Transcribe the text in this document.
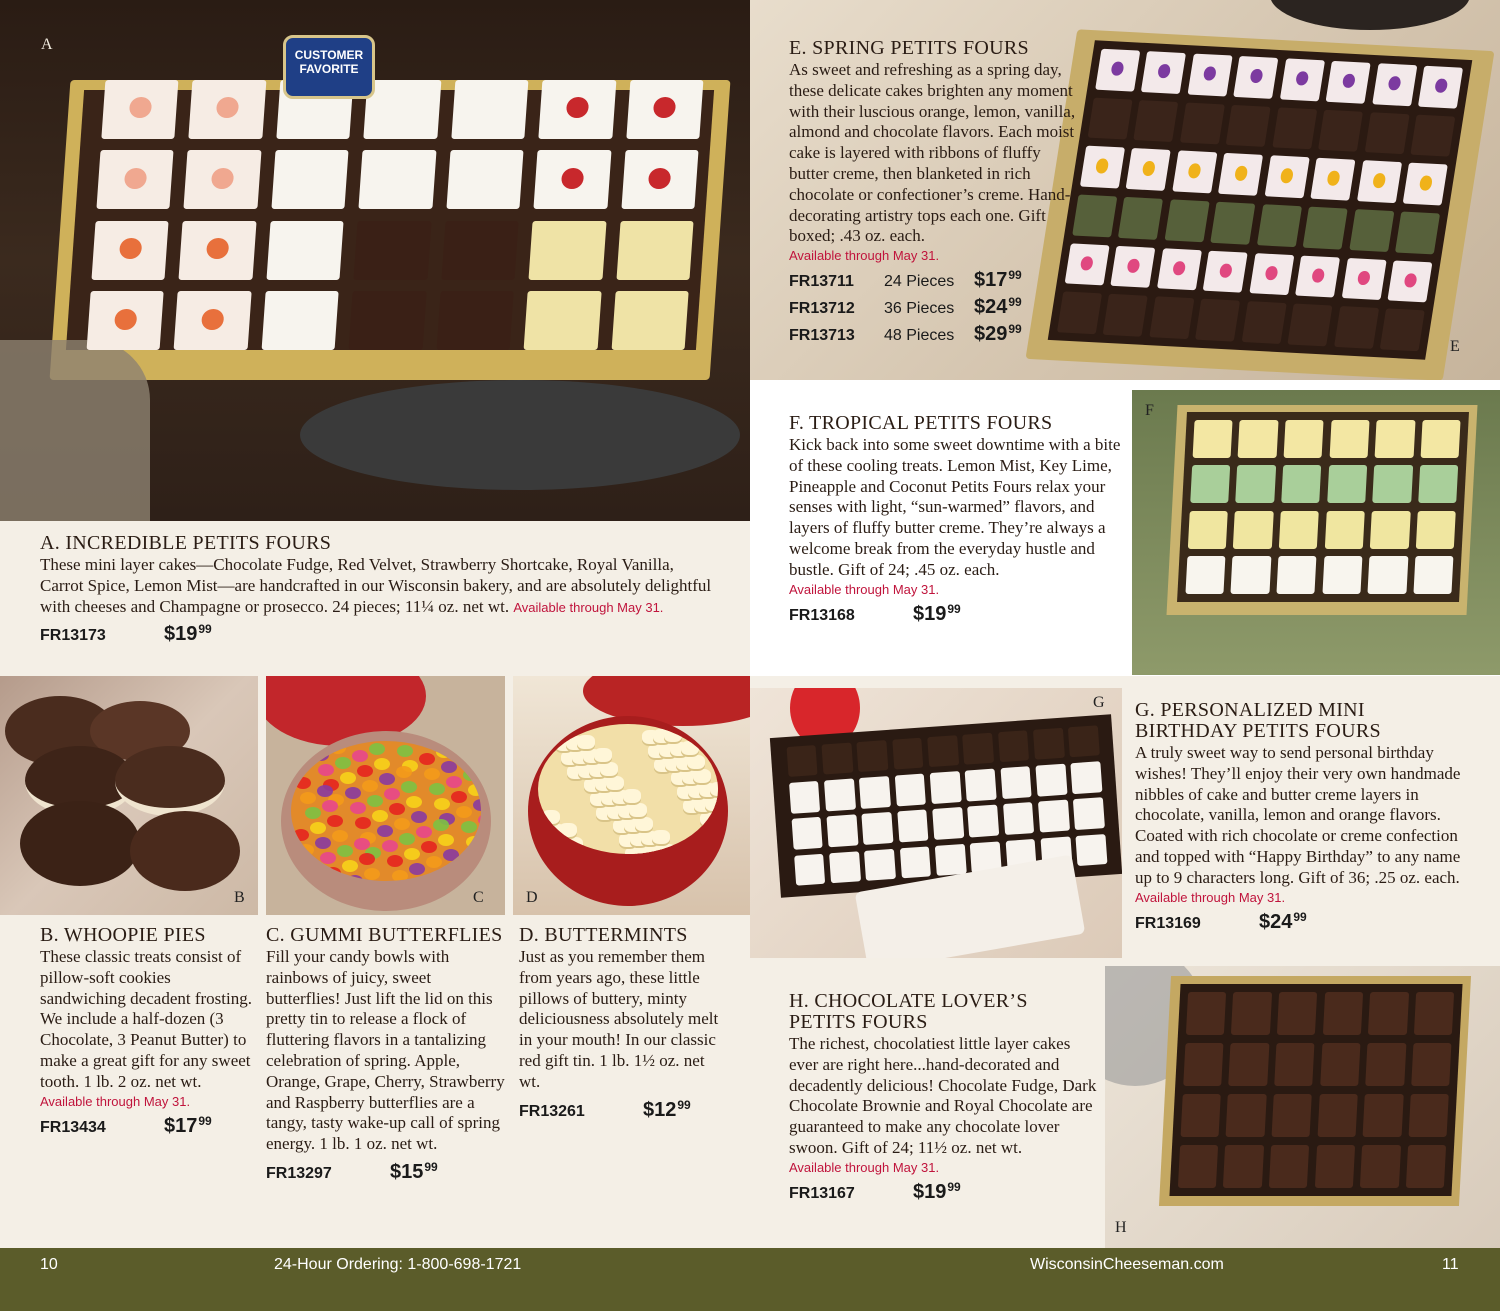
A
CUSTOMER
FAVORITE
A. INCREDIBLE PETITS FOURS
These mini layer cakes—Chocolate Fudge, Red Velvet, Strawberry Shortcake, Royal Vanilla, Carrot Spice, Lemon Mist—are handcrafted in our Wisconsin bakery, and are absolutely delightful with cheeses and Champagne or prosecco. 24 pieces; 11¼ oz. net wt. Available through May 31.
FR13173	$\$19^{99}$
B	C	D
B. WHOOPIE PIES
These classic treats consist of pillow-soft cookies sandwiching decadent frosting. We include a half-dozen (3 Chocolate, 3 Peanut Butter) to make a great gift for any sweet tooth. 1 lb. 2 oz. net wt.
Available through May 31.
FR13434	$\$17^{99}$
C. GUMMI BUTTERFLIES
Fill your candy bowls with rainbows of juicy, sweet butterflies! Just lift the lid on this pretty tin to release a flock of fluttering flavors in a tantalizing celebration of spring. Apple, Orange, Grape, Cherry, Strawberry and Raspberry butterflies are a tangy, tasty wake-up call of spring energy. 1 lb. 1 oz. net wt.
FR13297	$\$15^{99}$
D. BUTTERMINTS
Just as you remember them from years ago, these little pillows of buttery, minty deliciousness absolutely melt in your mouth! In our classic red gift tin. 1 lb. 1½ oz. net wt.
FR13261	$\$12^{99}$
E
E. SPRING PETITS FOURS
As sweet and refreshing as a spring day, these delicate cakes brighten any moment with their luscious orange, lemon, vanilla, almond and chocolate flavors. Each moist cake is layered with ribbons of fluffy butter creme, then blanketed in rich chocolate or confectioner’s creme. Hand-decorating artistry tops each one. Gift boxed; .43 oz. each.
Available through May 31.
FR13711	24 Pieces $\$17^{99}$
FR13712	36 Pieces $\$24^{99}$
FR13713	48 Pieces $\$29^{99}$
F
F. TROPICAL PETITS FOURS
Kick back into some sweet downtime with a bite of these cooling treats. Lemon Mist, Key Lime, Pineapple and Coconut Petits Fours relax your senses with light, “sun-warmed” flavors, and layers of fluffy butter creme. They’re always a welcome break from the everyday hustle and bustle. Gift of 24; .45 oz. each.
Available through May 31.
FR13168	$\$19^{99}$
G G. PERSONALIZED MINI
BIRTHDAY PETITS FOURS
A truly sweet way to send personal birthday wishes! They’ll enjoy their very own handmade nibbles of cake and butter creme layers in chocolate, vanilla, lemon and orange flavors. Coated with rich chocolate or creme confection and topped with “Happy Birthday” to any name up to 9 characters long. Gift of 36; .25 oz. each.
Available through May 31.
FR13169	$\$24^{99}$
H
H. CHOCOLATE LOVER’S
PETITS FOURS
The richest, chocolatiest little layer cakes ever are right here...hand-decorated and decadently delicious! Chocolate Fudge, Dark Chocolate Brownie and Royal Chocolate are guaranteed to make any chocolate lover swoon. Gift of 24; 11½ oz. net wt.
Available through May 31.
FR13167	$\$19^{99}$
10	24-Hour Ordering: 1-800-698-1721	WisconsinCheeseman.com	11
